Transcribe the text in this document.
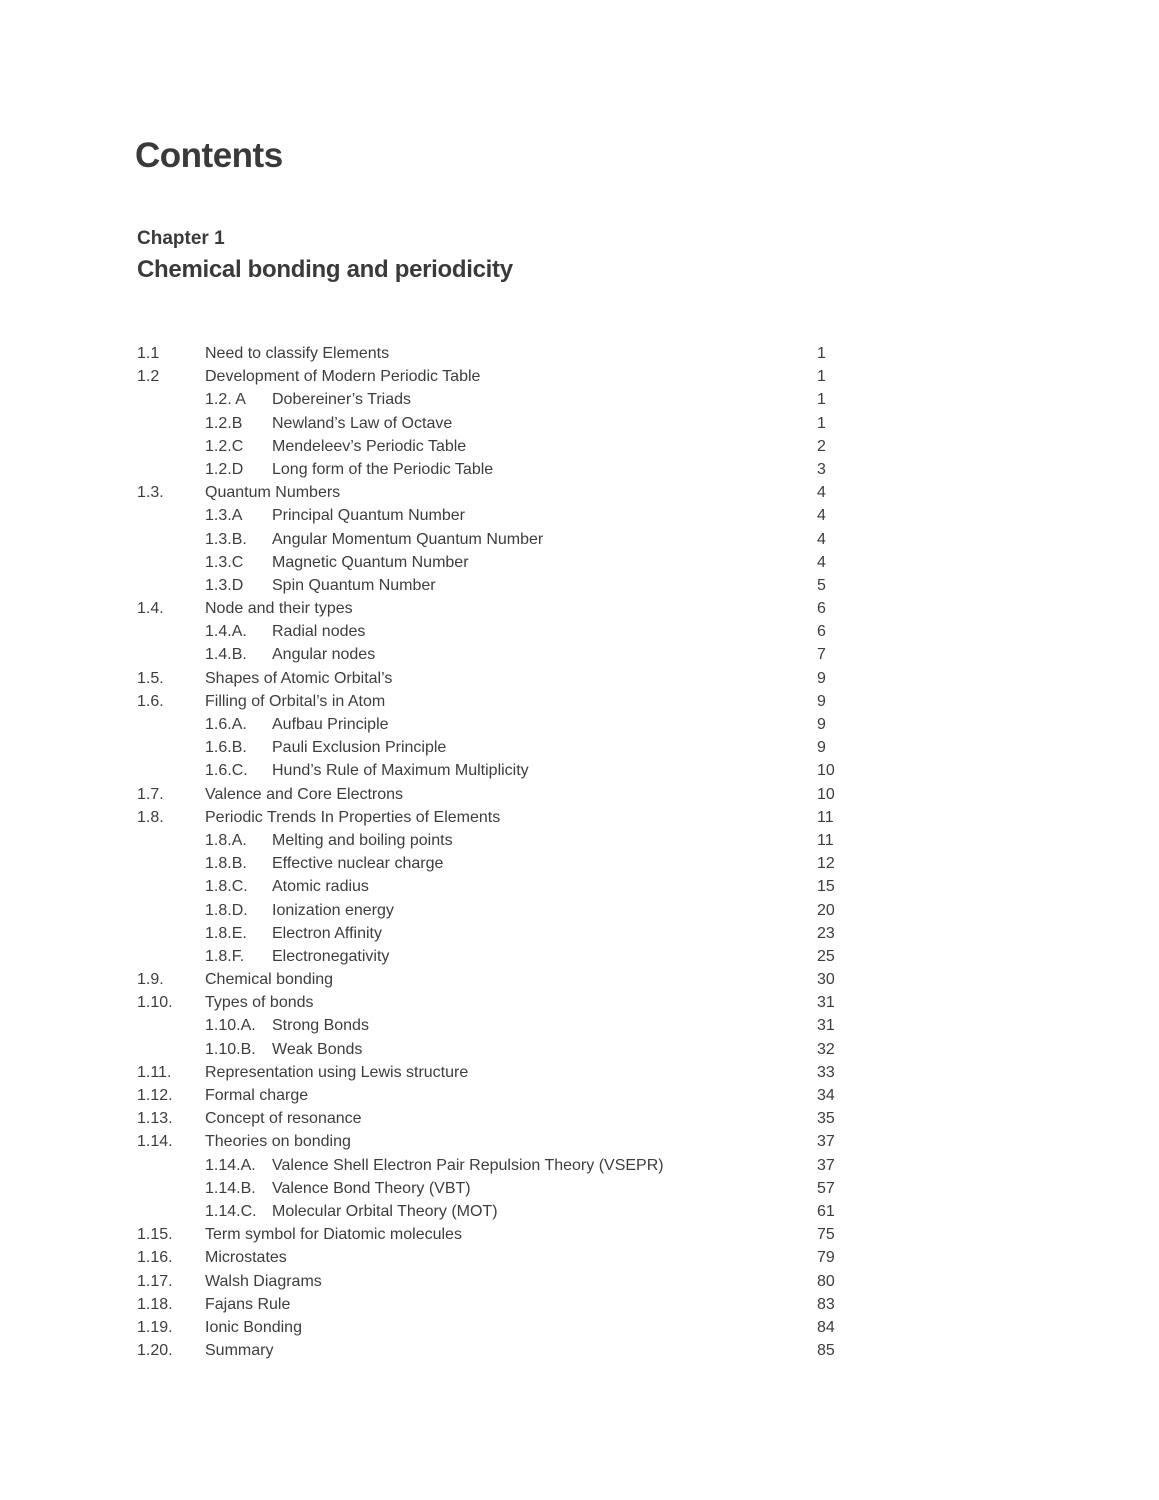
Contents
Chapter 1
Chemical bonding and periodicity
1.1	Need to classify Elements	1
1.2	Development of Modern Periodic Table	1
1.2. A	Dobereiner’s Triads	1
1.2.B	Newland’s Law of Octave	1
1.2.C	Mendeleev’s Periodic Table	2
1.2.D	Long form of the Periodic Table	3
1.3.	Quantum Numbers	4
1.3.A	Principal Quantum Number	4
1.3.B.	Angular Momentum Quantum Number	4
1.3.C	Magnetic Quantum Number	4
1.3.D	Spin Quantum Number	5
1.4.	Node and their types	6
1.4.A.	Radial nodes	6
1.4.B.	Angular nodes	7
1.5.	Shapes of Atomic Orbital’s	9
1.6.	Filling of Orbital’s in Atom	9
1.6.A.	Aufbau Principle	9
1.6.B.	Pauli Exclusion Principle	9
1.6.C.	Hund’s Rule of Maximum Multiplicity	10
1.7.	Valence and Core Electrons	10
1.8.	Periodic Trends In Properties of Elements	11
1.8.A.	Melting and boiling points	11
1.8.B.	Effective nuclear charge	12
1.8.C.	Atomic radius	15
1.8.D.	Ionization energy	20
1.8.E.	Electron Affinity	23
1.8.F.	Electronegativity	25
1.9.	Chemical bonding	30
1.10.	Types of bonds	31
1.10.A.	Strong Bonds	31
1.10.B.	Weak Bonds	32
1.11.	Representation using Lewis structure	33
1.12.	Formal charge	34
1.13.	Concept of resonance	35
1.14.	Theories on bonding	37
1.14.A.	Valence Shell Electron Pair Repulsion Theory (VSEPR)	37
1.14.B.	Valence Bond Theory (VBT)	57
1.14.C. Molecular Orbital Theory (MOT)	61
1.15.	Term symbol for Diatomic molecules	75
1.16.	Microstates	79
1.17.	Walsh Diagrams	80
1.18.	Fajans Rule	83
1.19.	Ionic Bonding	84
1.20.	Summary	85
